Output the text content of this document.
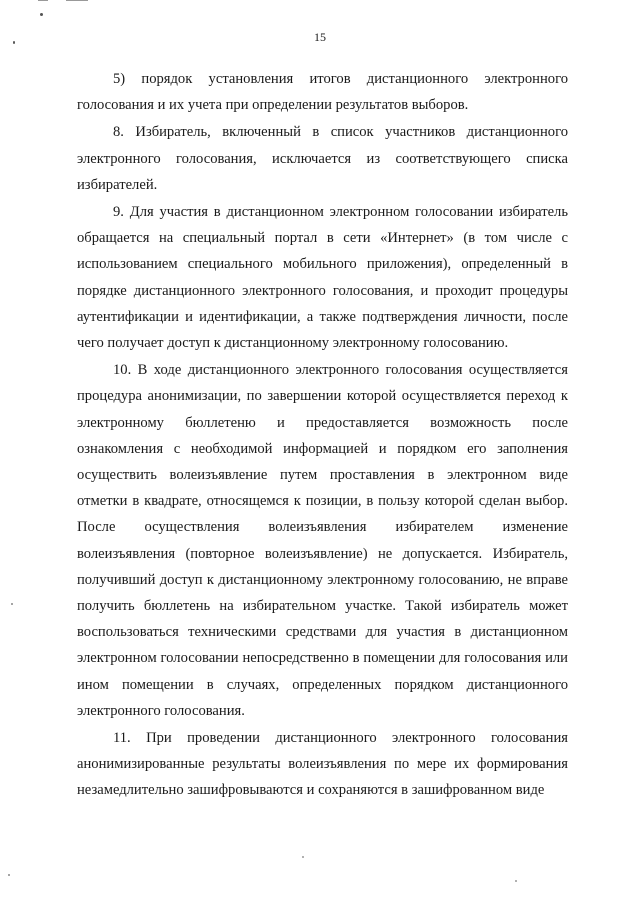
15

5) порядок установления итогов дистанционного электронного голосования и их учета при определении результатов выборов.

8. Избиратель, включенный в список участников дистанционного электронного голосования, исключается из соответствующего списка избирателей.

9. Для участия в дистанционном электронном голосовании избиратель обращается на специальный портал в сети «Интернет» (в том числе с использованием специального мобильного приложения), определенный в порядке дистанционного электронного голосования, и проходит процедуры аутентификации и идентификации, а также подтверждения личности, после чего получает доступ к дистанционному электронному голосованию.

10. В ходе дистанционного электронного голосования осуществляется процедура анонимизации, по завершении которой осуществляется переход к электронному бюллетеню и предоставляется возможность после ознакомления с необходимой информацией и порядком его заполнения осуществить волеизъявление путем проставления в электронном виде отметки в квадрате, относящемся к позиции, в пользу которой сделан выбор. После осуществления волеизъявления избирателем изменение волеизъявления (повторное волеизъявление) не допускается. Избиратель, получивший доступ к дистанционному электронному голосованию, не вправе получить бюллетень на избирательном участке. Такой избиратель может воспользоваться техническими средствами для участия в дистанционном электронном голосовании непосредственно в помещении для голосования или ином помещении в случаях, определенных порядком дистанционного электронного голосования.

11. При проведении дистанционного электронного голосования анонимизированные результаты волеизъявления по мере их формирования незамедлительно зашифровываются и сохраняются в зашифрованном виде
